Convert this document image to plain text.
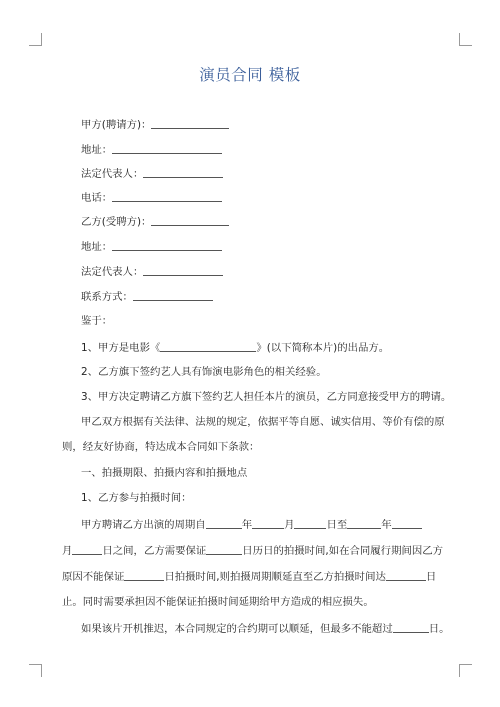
演员合同 模板
甲方(聘请方)：
地址：
法定代表人：
电话：
乙方(受聘方)：
地址：
法定代表人：
联系方式：
鉴于：
1、甲方是电影《	》(以下简称本片)的出品方。
2、乙方旗下签约艺人具有饰演电影角色的相关经验。
3、甲方决定聘请乙方旗下签约艺人担任本片的演员，乙方同意接受甲方的聘请。
甲乙双方根据有关法律、法规的规定，依据平等自愿、诚实信用、等价有偿的原
则，经友好协商，特达成本合同如下条款：
一、拍摄期限、拍摄内容和拍摄地点
1、乙方参与拍摄时间：
甲方聘请乙方出演的周期自	年	月	日至	年
月	日之间，乙方需要保证	日历日的拍摄时间,如在合同履行期间因乙方
原因不能保证	日拍摄时间,则拍摄周期顺延直至乙方拍摄时间达	日
止。同时需要承担因不能保证拍摄时间延期给甲方造成的相应损失。
如果该片开机推迟，本合同规定的合约期可以顺延，但最多不能超过	日。
